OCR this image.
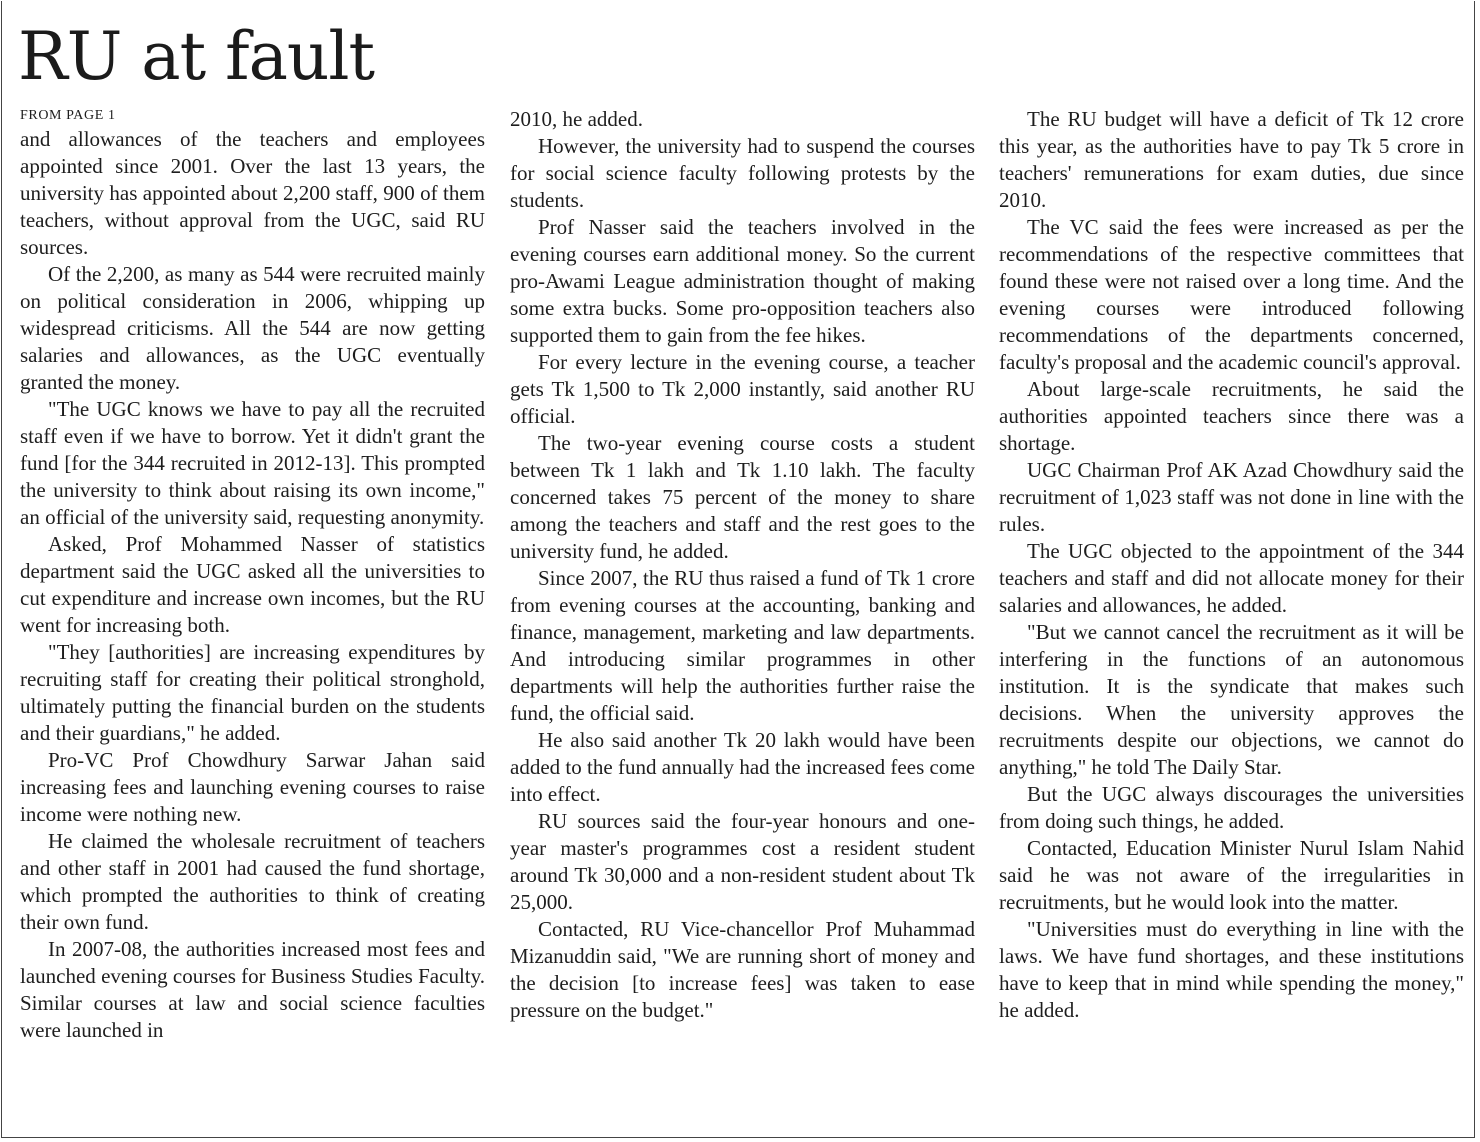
RU at fault
FROM PAGE 1

and allowances of the teachers and employees appointed since 2001. Over the last 13 years, the university has appointed about 2,200 staff, 900 of them teachers, without approval from the UGC, said RU sources.

Of the 2,200, as many as 544 were recruited mainly on political consideration in 2006, whipping up widespread criticisms. All the 544 are now getting salaries and allowances, as the UGC eventually granted the money.

"The UGC knows we have to pay all the recruited staff even if we have to borrow. Yet it didn't grant the fund [for the 344 recruited in 2012-13]. This prompted the university to think about raising its own income," an official of the university said, requesting anonymity.

Asked, Prof Mohammed Nasser of statistics department said the UGC asked all the universities to cut expenditure and increase own incomes, but the RU went for increasing both.

"They [authorities] are increasing expenditures by recruiting staff for creating their political stronghold, ultimately putting the financial burden on the students and their guardians," he added.

Pro-VC Prof Chowdhury Sarwar Jahan said increasing fees and launching evening courses to raise income were nothing new.

He claimed the wholesale recruitment of teachers and other staff in 2001 had caused the fund shortage, which prompted the authorities to think of creating their own fund.

In 2007-08, the authorities increased most fees and launched evening courses for Business Studies Faculty. Similar courses at law and social science faculties were launched in

2010, he added.

However, the university had to suspend the courses for social science faculty following protests by the students.

Prof Nasser said the teachers involved in the evening courses earn additional money. So the current pro-Awami League administration thought of making some extra bucks. Some pro-opposition teachers also supported them to gain from the fee hikes.

For every lecture in the evening course, a teacher gets Tk 1,500 to Tk 2,000 instantly, said another RU official.

The two-year evening course costs a student between Tk 1 lakh and Tk 1.10 lakh. The faculty concerned takes 75 percent of the money to share among the teachers and staff and the rest goes to the university fund, he added.

Since 2007, the RU thus raised a fund of Tk 1 crore from evening courses at the accounting, banking and finance, management, marketing and law departments. And introducing similar programmes in other departments will help the authorities further raise the fund, the official said.

He also said another Tk 20 lakh would have been added to the fund annually had the increased fees come into effect.

RU sources said the four-year honours and one-year master's programmes cost a resident student around Tk 30,000 and a non-resident student about Tk 25,000.

Contacted, RU Vice-chancellor Prof Muhammad Mizanuddin said, "We are running short of money and the decision [to increase fees] was taken to ease pressure on the budget."

The RU budget will have a deficit of Tk 12 crore this year, as the authorities have to pay Tk 5 crore in teachers' remunerations for exam duties, due since 2010.

The VC said the fees were increased as per the recommendations of the respective committees that found these were not raised over a long time. And the evening courses were introduced following recommendations of the departments concerned, faculty's proposal and the academic council's approval.

About large-scale recruitments, he said the authorities appointed teachers since there was a shortage.

UGC Chairman Prof AK Azad Chowdhury said the recruitment of 1,023 staff was not done in line with the rules.

The UGC objected to the appointment of the 344 teachers and staff and did not allocate money for their salaries and allowances, he added.

"But we cannot cancel the recruitment as it will be interfering in the functions of an autonomous institution. It is the syndicate that makes such decisions. When the university approves the recruitments despite our objections, we cannot do anything," he told The Daily Star.

But the UGC always discourages the universities from doing such things, he added.

Contacted, Education Minister Nurul Islam Nahid said he was not aware of the irregularities in recruitments, but he would look into the matter.

"Universities must do everything in line with the laws. We have fund shortages, and these institutions have to keep that in mind while spending the money," he added.
